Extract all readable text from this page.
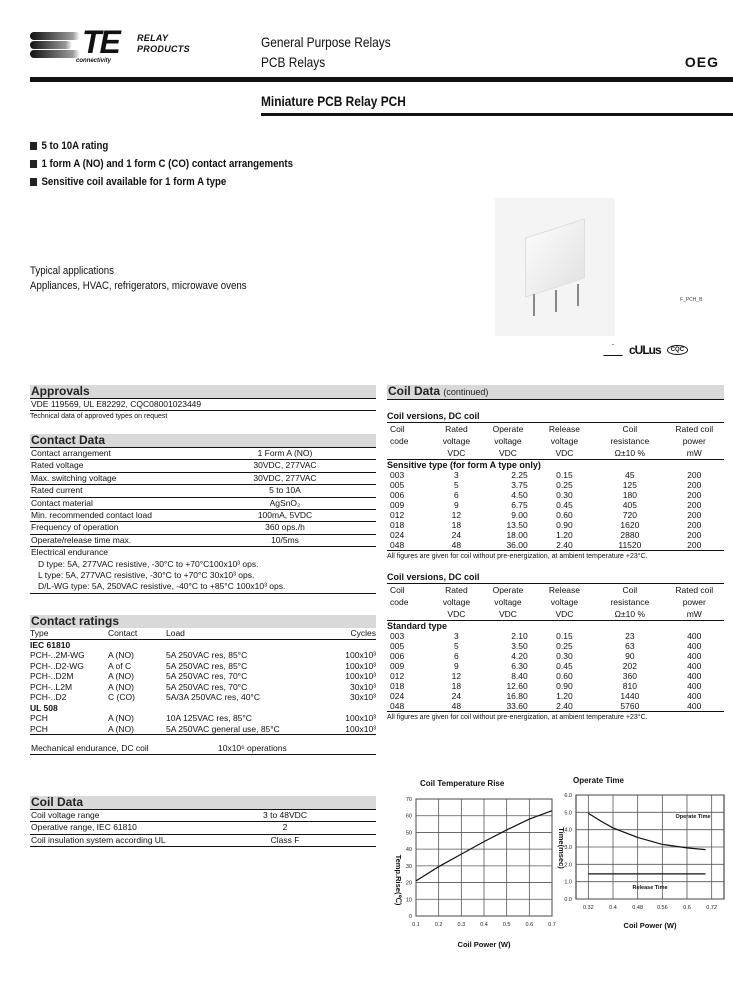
TE
connectivity
RELAY
PRODUCTS	General Purpose Relays
PCB Relays	OEG
Miniature PCB Relay PCH
5 to 10A rating
1 form A (NO) and 1 form C (CO) contact arrangements
Sensitive coil available for 1 form A type
Typical applications
Appliances, HVAC, refrigerators, microwave ovens
F_PCH_B
cULus	CQC
Approvals
VDE 119569, UL E82292, CQC08001023449
Technical data of approved types on request
Contact Data
Contact arrangement	1 Form A (NO)
Rated voltage	30VDC, 277VAC
Max. switching voltage	30VDC, 277VAC
Rated current	5 to 10A
Contact material	AgSnO₂
Min. recommended contact load	100mA, 5VDC
Frequency of operation	360 ops./h
Operate/release time max.	10/5ms
Electrical endurance
D type: 5A, 277VAC resistive, -30°C to +70°C100x10³ ops.
L type: 5A, 277VAC resistive, -30°C to +70°C 30x10³ ops.
D/L-WG type: 5A, 250VAC resistive, -40°C to +85°C 100x10³ ops.
Contact ratings
Type	Contact	Load	Cycles
IEC 61810
PCH-..2M-WG	A (NO)	5A 250VAC res, 85°C	100x10³
PCH-..D2-WG	A of C	5A 250VAC res, 85°C	100x10³
PCH-..D2M	A (NO)	5A 250VAC res, 70°C	100x10³
PCH-..L2M	A (NO)	5A 250VAC res, 70°C	30x10³
PCH-..D2	C (CO)	5A/3A 250VAC res, 40°C	30x10³
UL 508
PCH	A (NO)	10A 125VAC res, 85°C	100x10³
PCH	A (NO)	5A 250VAC general use, 85°C	100x10³
Mechanical endurance, DC coil	10x10⁶ operations
Coil Data
Coil voltage range	3 to 48VDC
Operative range, IEC 61810	2
Coil insulation system according UL	Class F
Coil Data (continued)
Coil versions, DC coil
Coil	Rated	Operate	Release	Coil	Rated coil
code	voltage	voltage	voltage	resistance	power
VDC	VDC	VDC	Ω±10 %	mW
Sensitive type (for form A type only)
003	3	2.25	0.15	45	200
005	5	3.75	0.25	125	200
006	6	4.50	0.30	180	200
009	9	6.75	0.45	405	200
012	12	9.00	0.60	720	200
018	18	13.50	0.90	1620	200
024	24	18.00	1.20	2880	200
048	48	36.00	2.40	11520	200
All figures are given for coil without pre-energization, at ambient temperature +23°C.
Coil versions, DC coil
Coil	Rated	Operate	Release	Coil	Rated coil
code	voltage	voltage	voltage	resistance	power
VDC	VDC	VDC	Ω±10 %	mW
Standard type
003	3	2.10	0.15	23	400
005	5	3.50	0.25	63	400
006	6	4.20	0.30	90	400
009	9	6.30	0.45	202	400
012	12	8.40	0.60	360	400
018	18	12.60	0.90	810	400
024	24	16.80	1.20	1440	400
048	48	33.60	2.40	5760	400
All figures are given for coil without pre-energization, at ambient temperature +23°C.
Coil Temperature Rise
0.1	0.2	0.3	0.4	0.5	0.6	0.7
0
10
20
30
40
50
60
70
Coil Power (W)
Temp.Rise(℃)
Operate Time
0.32	0.4	0.48	0.56	0.6	0.72
0.0
1.0
2.0
3.0
4.0
5.0
6.0
Coil Power (W)
Time(msec)
Operate Time
Release Time
